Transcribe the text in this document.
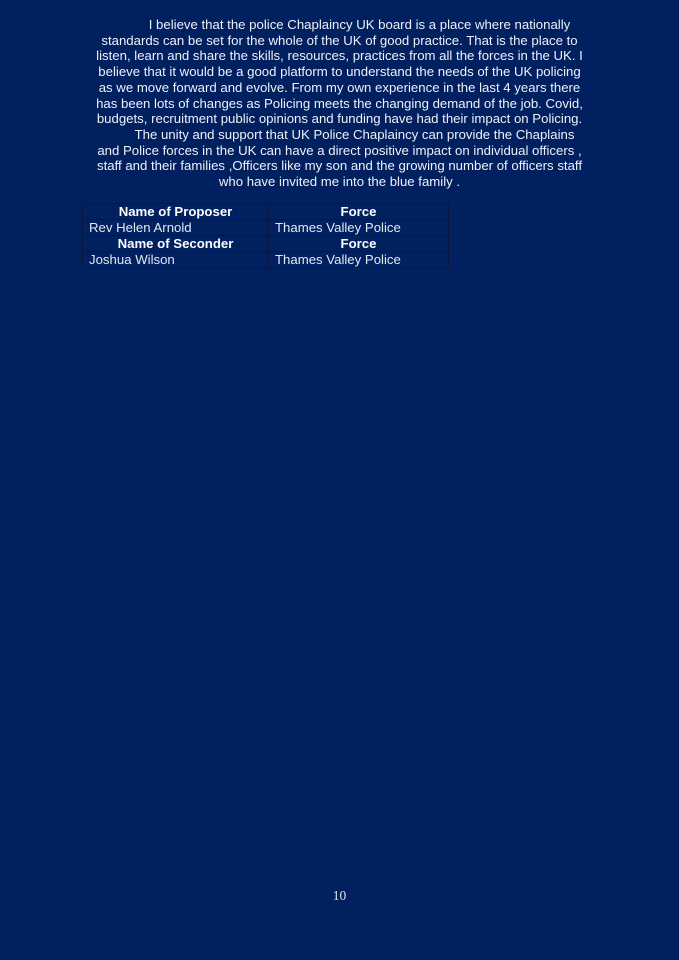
I believe that the police Chaplaincy UK board is a place where nationally
standards can be set for the whole of the UK of good practice. That is the place to
listen, learn and share the skills, resources, practices from all the forces in the UK. I
believe that it would be a good platform to understand the needs of the UK policing
as we move forward and evolve. From my own experience in the last 4 years there
has been lots of changes as Policing meets the changing demand of the job. Covid,
budgets, recruitment public opinions and funding have had their impact on Policing.
The unity and support that UK Police Chaplaincy can provide the Chaplains
and Police forces in the UK can have a direct positive impact on individual officers ,
staff and their families ,Officers like my son and the growing number of officers staff
who have invited me into the blue family .
Name of Proposer	Force
Rev Helen Arnold	Thames Valley Police
Name of Seconder	Force
Joshua Wilson	Thames Valley Police
10
